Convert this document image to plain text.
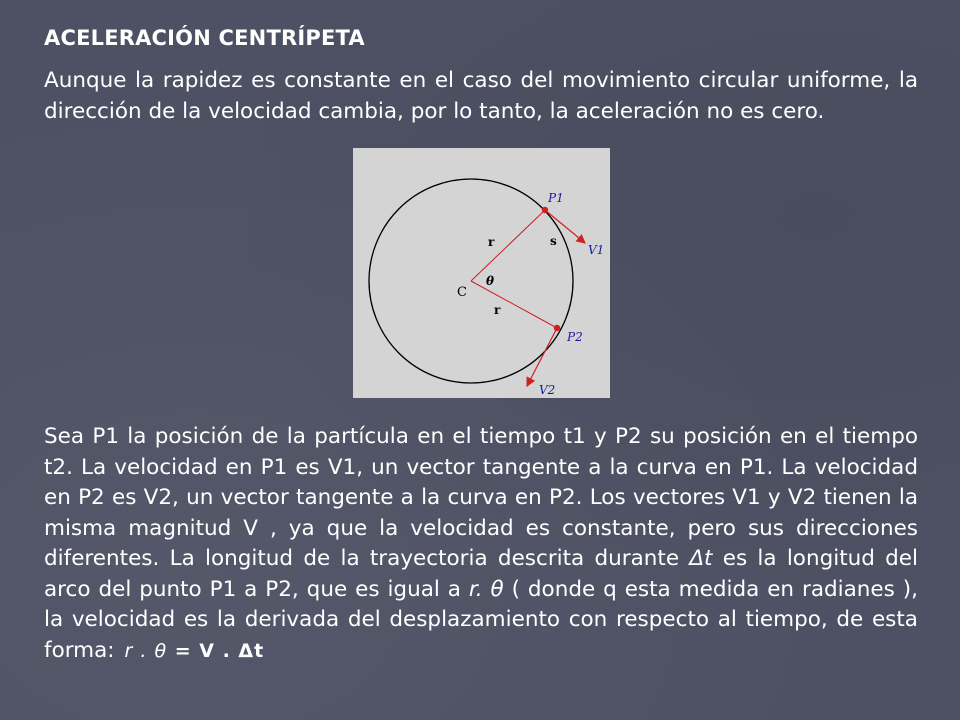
ACELERACIÓN CENTRÍPETA
Aunque la rapidez es constante en el caso del movimiento circular uniforme, la dirección de la velocidad cambia, por lo tanto, la aceleración no es cero.
P1
V1
P2
V2
C
r
r
s
θ
Sea P1 la posición de la partícula en el tiempo t1 y P2 su posición en el tiempo t2. La velocidad en P1 es V1, un vector tangente a la curva en P1. La velocidad en P2 es V2, un vector tangente a la curva en P2. Los vectores V1 y V2 tienen la misma magnitud V , ya que la velocidad es constante, pero sus direcciones diferentes. La longitud de la trayectoria descrita durante Δt es la longitud del arco del punto P1 a P2, que es igual a r. θ ( donde q esta medida en radianes ), la velocidad es la derivada del desplazamiento con respecto al tiempo, de esta forma: r . θ = V . Δt
